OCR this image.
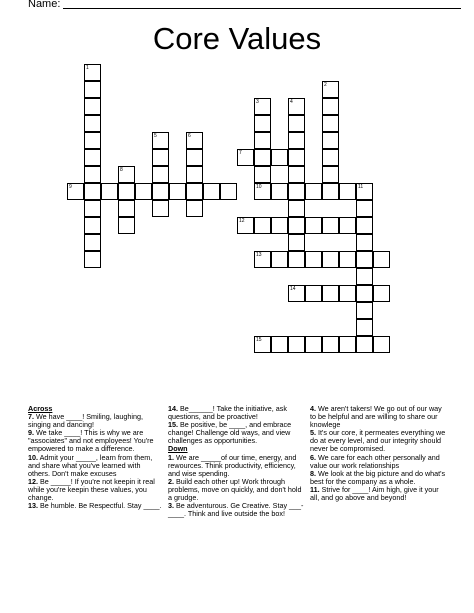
Name:
Core Values
1
2
3	4
5	6
7
8
9	10	11
12
13
14
15
Across
7. We have ____! Smiling, laughing, singing and dancing!
9. We take ____! This is why we are "associates" and not employees! You're empowered to make a difference.
10. Admit your _____, learn from them, and share what you've learned with others. Don't make excuses
12. Be _____! If you're not keepin it real while you're keepin these values, you change.
13. Be humble. Be Respectful. Stay ____.
14. Be______! Take the initiative, ask questions, and be proactive!
15. Be positive, be ____, and embrace change! Challenge old ways, and view challenges as opportunities.
Down
1. We are _____of our time, energy, and rewources. Think productivity, efficiency, and wise spending.
2. Build each other up! Work through problems, move on quickly, and don't hold a grudge.
3. Be adventurous. Ge Creative. Stay ___-____. Think and live outside the box!
4. We aren't takers! We go out of our way to be helpful and are willing to share our knowlege
5. It's our core, it permeates everything we do at every level, and our integrity should never be compromised.
6. We care for each other personally and value our work relationships
8. We look at the big picture and do what's best for the company as a whole.
11. Strive for ____! Aim high, give it your all, and go above and beyond!
